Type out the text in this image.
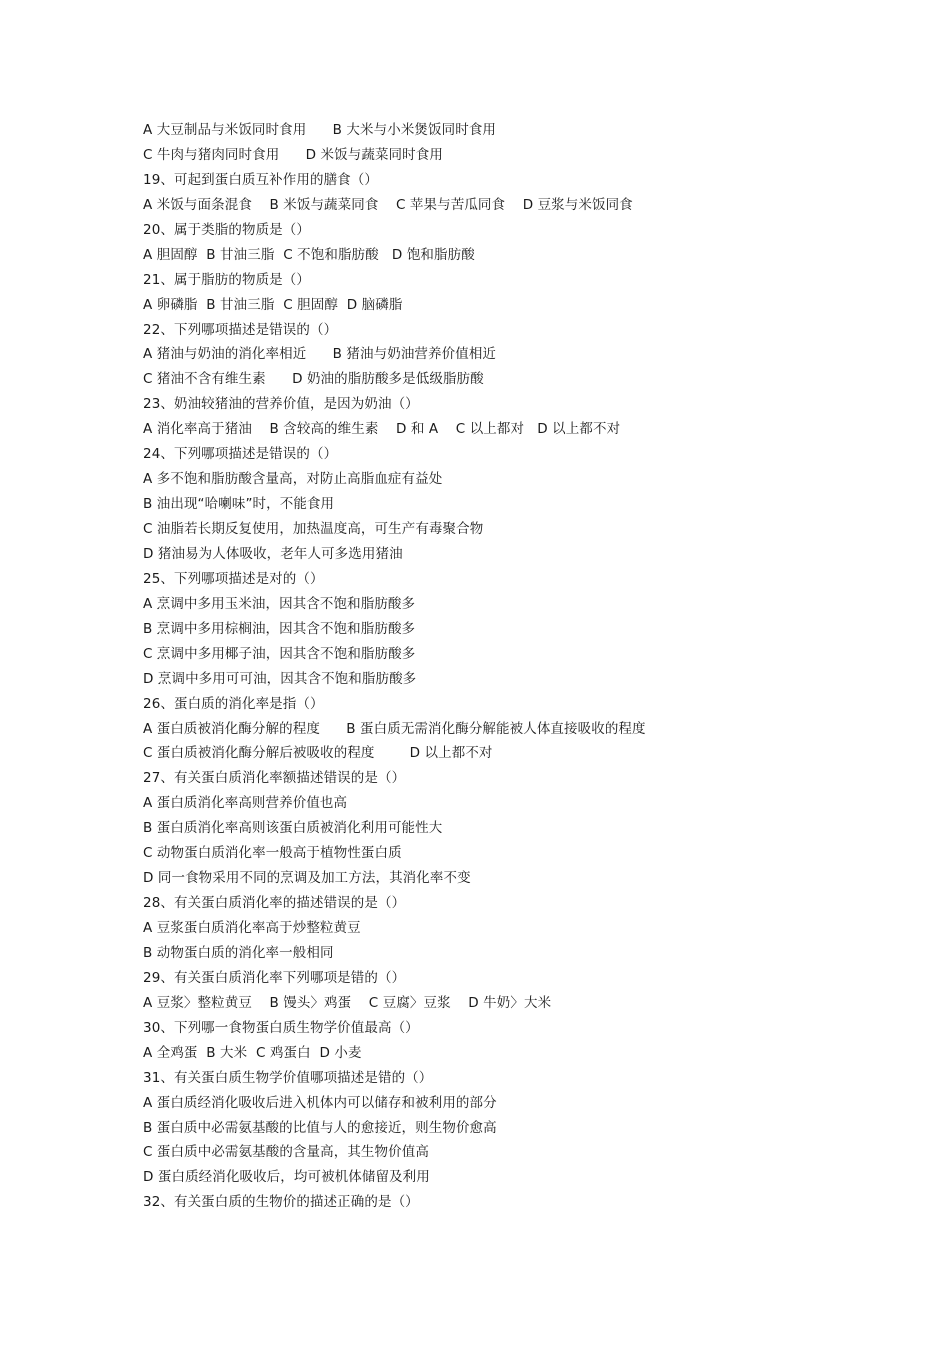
A 大豆制品与米饭同时食用      B 大米与小米煲饭同时食用
C 牛肉与猪肉同时食用      D 米饭与蔬菜同时食用
19、可起到蛋白质互补作用的膳食（）
A 米饭与面条混食    B 米饭与蔬菜同食    C 苹果与苦瓜同食    D 豆浆与米饭同食
20、属于类脂的物质是（）
A 胆固醇  B 甘油三脂  C 不饱和脂肪酸   D 饱和脂肪酸
21、属于脂肪的物质是（）
A 卵磷脂  B 甘油三脂  C 胆固醇  D 脑磷脂
22、下列哪项描述是错误的（）
A 猪油与奶油的消化率相近      B 猪油与奶油营养价值相近
C 猪油不含有维生素      D 奶油的脂肪酸多是低级脂肪酸
23、奶油较猪油的营养价值，是因为奶油（）
A 消化率高于猪油    B 含较高的维生素    D 和 A    C 以上都对   D 以上都不对
24、下列哪项描述是错误的（）
A 多不饱和脂肪酸含量高，对防止高脂血症有益处
B 油出现“哈喇味”时，不能食用
C 油脂若长期反复使用，加热温度高，可生产有毒聚合物
D 猪油易为人体吸收，老年人可多选用猪油
25、下列哪项描述是对的（）
A 烹调中多用玉米油，因其含不饱和脂肪酸多
B 烹调中多用棕榈油，因其含不饱和脂肪酸多
C 烹调中多用椰子油，因其含不饱和脂肪酸多
D 烹调中多用可可油，因其含不饱和脂肪酸多
26、蛋白质的消化率是指（）
A 蛋白质被消化酶分解的程度      B 蛋白质无需消化酶分解能被人体直接吸收的程度
C 蛋白质被消化酶分解后被吸收的程度        D 以上都不对
27、有关蛋白质消化率额描述错误的是（）
A 蛋白质消化率高则营养价值也高
B 蛋白质消化率高则该蛋白质被消化利用可能性大
C 动物蛋白质消化率一般高于植物性蛋白质
D 同一食物采用不同的烹调及加工方法，其消化率不变
28、有关蛋白质消化率的描述错误的是（）
A 豆浆蛋白质消化率高于炒整粒黄豆
B 动物蛋白质的消化率一般相同
29、有关蛋白质消化率下列哪项是错的（）
A 豆浆〉整粒黄豆    B 馒头〉鸡蛋    C 豆腐〉豆浆    D 牛奶〉大米
30、下列哪一食物蛋白质生物学价值最高（）
A 全鸡蛋  B 大米  C 鸡蛋白  D 小麦
31、有关蛋白质生物学价值哪项描述是错的（）
A 蛋白质经消化吸收后进入机体内可以储存和被利用的部分
B 蛋白质中必需氨基酸的比值与人的愈接近，则生物价愈高
C 蛋白质中必需氨基酸的含量高，其生物价值高
D 蛋白质经消化吸收后，均可被机体储留及利用
32、有关蛋白质的生物价的描述正确的是（）
